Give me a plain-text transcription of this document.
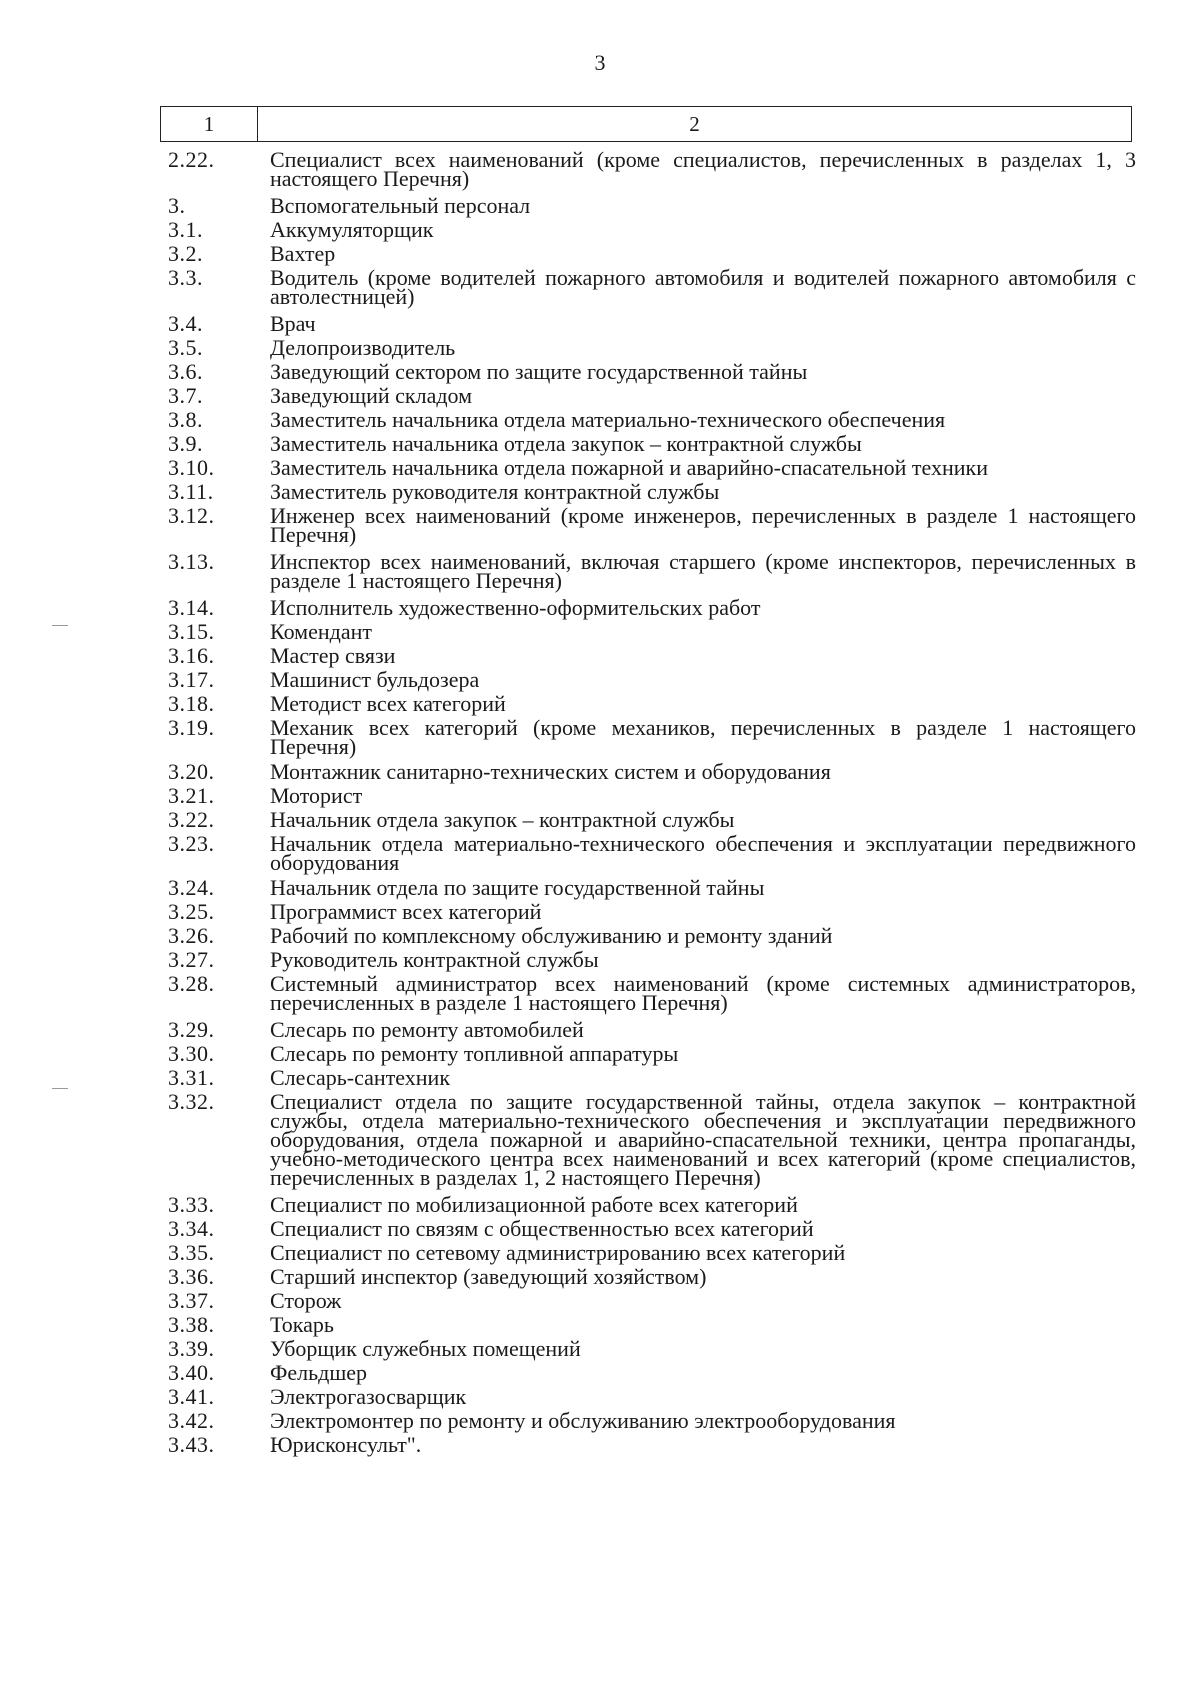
3
1	2
2.22.	Специалист всех наименований (кроме специалистов, перечисленных в разделах 1, 3 настоящего Перечня)
3.	Вспомогательный персонал
3.1.	Аккумуляторщик
3.2.	Вахтер
3.3.	Водитель (кроме водителей пожарного автомобиля и водителей пожарного автомобиля с автолестницей)
3.4.	Врач
3.5.	Делопроизводитель
3.6.	Заведующий сектором по защите государственной тайны
3.7.	Заведующий складом
3.8.	Заместитель начальника отдела материально-технического обеспечения
3.9.	Заместитель начальника отдела закупок – контрактной службы
3.10.	Заместитель начальника отдела пожарной и аварийно-спасательной техники
3.11.	Заместитель руководителя контрактной службы
3.12.	Инженер всех наименований (кроме инженеров, перечисленных в разделе 1 настоящего Перечня)
3.13.	Инспектор всех наименований, включая старшего (кроме инспекторов, перечисленных в разделе 1 настоящего Перечня)
3.14.	Исполнитель художественно-оформительских работ
3.15.	Комендант
3.16.	Мастер связи
3.17.	Машинист бульдозера
3.18.	Методист всех категорий
3.19.	Механик всех категорий (кроме механиков, перечисленных в разделе 1 настоящего Перечня)
3.20.	Монтажник санитарно-технических систем и оборудования
3.21.	Моторист
3.22.	Начальник отдела закупок – контрактной службы
3.23.	Начальник отдела материально-технического обеспечения и эксплуатации передвижного оборудования
3.24.	Начальник отдела по защите государственной тайны
3.25.	Программист всех категорий
3.26.	Рабочий по комплексному обслуживанию и ремонту зданий
3.27.	Руководитель контрактной службы
3.28.	Системный администратор всех наименований (кроме системных администраторов, перечисленных в разделе 1 настоящего Перечня)
3.29.	Слесарь по ремонту автомобилей
3.30.	Слесарь по ремонту топливной аппаратуры
3.31.	Слесарь-сантехник
3.32.	Специалист отдела по защите государственной тайны, отдела закупок – контрактной службы, отдела материально-технического обеспечения и эксплуатации передвижного оборудования, отдела пожарной и аварийно-спасательной техники, центра пропаганды, учебно-методического центра всех наименований и всех категорий (кроме специалистов, перечисленных в разделах 1, 2 настоящего Перечня)
3.33.	Специалист по мобилизационной работе всех категорий
3.34.	Специалист по связям с общественностью всех категорий
3.35.	Специалист по сетевому администрированию всех категорий
3.36.	Старший инспектор (заведующий хозяйством)
3.37.	Сторож
3.38.	Токарь
3.39.	Уборщик служебных помещений
3.40.	Фельдшер
3.41.	Электрогазосварщик
3.42.	Электромонтер по ремонту и обслуживанию электрооборудования
3.43.	Юрисконсульт".
